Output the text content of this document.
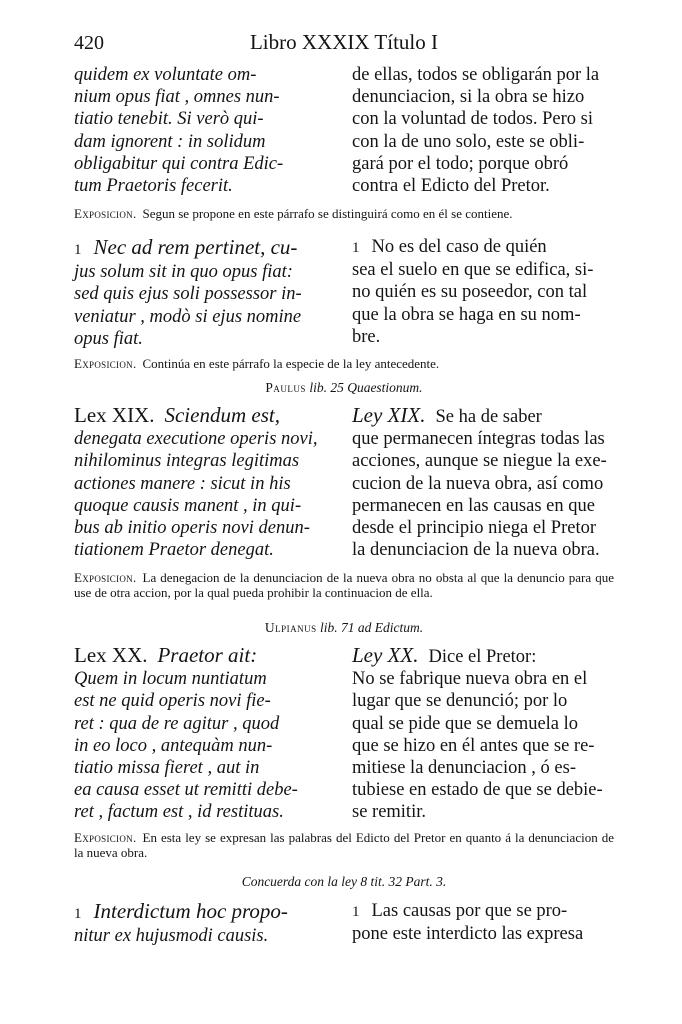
420	Libro XXXIX Título I

quidem ex voluntate om-

nium opus fiat , omnes nun-

tiatio tenebit. Si verò qui-

dam ignorent : in solidum

obligabitur qui contra Edic-

tum Praetoris fecerit.

de ellas, todos se obligarán por la

denunciacion, si la obra se hizo

con la voluntad de todos. Pero si

con la de uno solo, este se obli-

gará por el todo; porque obró

contra el Edicto del Pretor.

Exposicion. Segun se propone en este párrafo se distinguirá como en él se contiene.

1 Nec ad rem pertinet, cu-

jus solum sit in quo opus fiat:

sed quis ejus soli possessor in-

veniatur , modò si ejus nomine

opus fiat.

1 No es del caso de quién

sea el suelo en que se edifica, si-

no quién es su poseedor, con tal

que la obra se haga en su nom-

bre.

Exposicion. Continúa en este párrafo la especie de la ley antecedente.
Paulus lib. 25 Quaestionum.

Lex XIX. Sciendum est,

denegata executione operis novi,

nihilominus integras legitimas

actiones manere : sicut in his

quoque causis manent , in qui-

bus ab initio operis novi denun-

tiationem Praetor denegat.

Ley XIX. Se ha de saber

que permanecen íntegras todas las

acciones, aunque se niegue la exe-

cucion de la nueva obra, así como

permanecen en las causas en que

desde el principio niega el Pretor

la denunciacion de la nueva obra.

Exposicion. La denegacion de la denunciacion de la nueva obra no obsta al que la denuncio para que use de otra accion, por la qual pueda prohibir la continuacion de ella.
Ulpianus lib. 71 ad Edictum.

Lex XX. Praetor ait:

Quem in locum nuntiatum

est ne quid operis novi fie-

ret : qua de re agitur , quod

in eo loco , antequàm nun-

tiatio missa fieret , aut in

ea causa esset ut remitti debe-

ret , factum est , id restituas.

Ley XX. Dice el Pretor:

No se fabrique nueva obra en el

lugar que se denunció; por lo

qual se pide que se demuela lo

que se hizo en él antes que se re-

mitiese la denunciacion , ó es-

tubiese en estado de que se debie-

se remitir.

Exposicion. En esta ley se expresan las palabras del Edicto del Pretor en quanto á la denunciacion de la nueva obra.
Concuerda con la ley 8 tit. 32 Part. 3.

1 Interdictum hoc propo-

nitur ex hujusmodi causis.

1 Las causas por que se pro-

pone este interdicto las expresa
